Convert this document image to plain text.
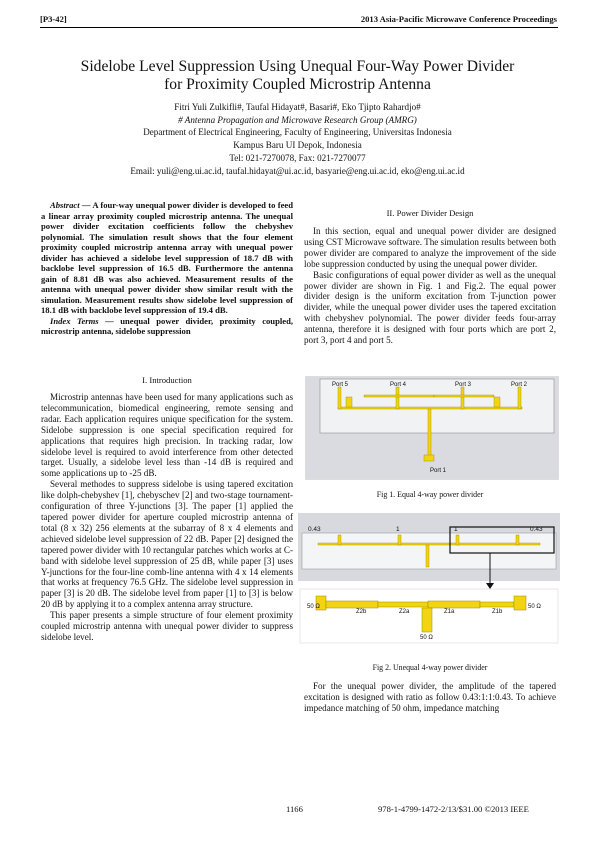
[P3-42]	2013 Asia-Pacific Microwave Conference Proceedings
Sidelobe Level Suppression Using Unequal Four-Way Power Divider
for Proximity Coupled Microstrip Antenna
Fitri Yuli Zulkifli#, Taufal Hidayat#, Basari#, Eko Tjipto Rahardjo#
# Antenna Propagation and Microwave Research Group (AMRG)
Department of Electrical Engineering, Faculty of Engineering, Universitas Indonesia
Kampus Baru UI Depok, Indonesia
Tel: 021-7270078, Fax: 021-7270077
Email: yuli@eng.ui.ac.id, taufal.hidayat@ui.ac.id, basyarie@eng.ui.ac.id, eko@eng.ui.ac.id

Abstract — A four-way unequal power divider is developed to feed a linear array proximity coupled microstrip antenna. The unequal power divider excitation coefficients follow the chebyshev polynomial. The simulation result shows that the four element proximity coupled microstrip antenna array with unequal power divider has achieved a sidelobe level suppression of 18.7 dB with backlobe level suppression of 16.5 dB. Furthermore the antenna gain of 8.81 dB was also achieved. Measurement results of the antenna with unequal power divider show similar result with the simulation. Measurement results show sidelobe level suppression of 18.1 dB with backlobe level suppression of 19.4 dB.

Index Terms — unequal power divider, proximity coupled, microstrip antenna, sidelobe suppression

I. Introduction

Microstrip antennas have been used for many applications such as telecommunication, biomedical engineering, remote sensing and radar. Each application requires unique specification for the system. Sidelobe suppression is one special specification required for applications that requires high precision. In tracking radar, low sidelobe level is required to avoid interference from other detected target. Usually, a sidelobe level less than -14 dB is required and some applications up to -25 dB.

Several methodes to suppress sidelobe is using tapered excitation like dolph-chebyshev [1], chebyschev [2] and two-stage tournament-configuration of three Y-junctions [3]. The paper [1] applied the tapered power divider for aperture coupled microstrip antenna of total (8 x 32) 256 elements at the subarray of 8 x 4 elements and achieved sidelobe level suppression of 22 dB. Paper [2] designed the tapered power divider with 10 rectangular patches which works at C-band with sidelobe level suppression of 25 dB, while paper [3] uses Y-junctions for the four-line comb-line antenna with 4 x 14 elements that works at frequency 76.5 GHz. The sidelobe level suppression in paper [3] is 20 dB. The sidelobe level from paper [1] to [3] is below 20 dB by applying it to a complex antenna array structure.

This paper presents a simple structure of four element proximity coupled microstrip antenna with unequal power divider to suppress sidelobe level.

II. Power Divider Design

In this section, equal and unequal power divider are designed using CST Microwave software. The simulation results between both power divider are compared to analyze the improvement of the side lobe suppression conducted by using the unequal power divider.

Basic configurations of equal power divider as well as the unequal power divider are shown in Fig. 1 and Fig.2. The equal power divider design is the uniform excitation from T-junction power divider, while the unequal power divider uses the tapered excitation with chebyshev polynomial. The power divider feeds four-array antenna, therefore it is designed with four ports which are port 2, port 3, port 4 and port 5.

Port 5	Port 4	Port 3	Port 2
Port 1
Fig 1. Equal 4-way power divider
0.43	1	1	0.43
50 Ω
Z2b	Z2a	Z1a	Z1b
50 Ω
50 Ω
Fig 2. Unequal 4-way power divider

For the unequal power divider, the amplitude of the tapered excitation is designed with ratio as follow 0.43:1:1:0.43. To achieve impedance matching of 50 ohm, impedance matching

1166	978-1-4799-1472-2/13/$31.00 ©2013 IEEE
